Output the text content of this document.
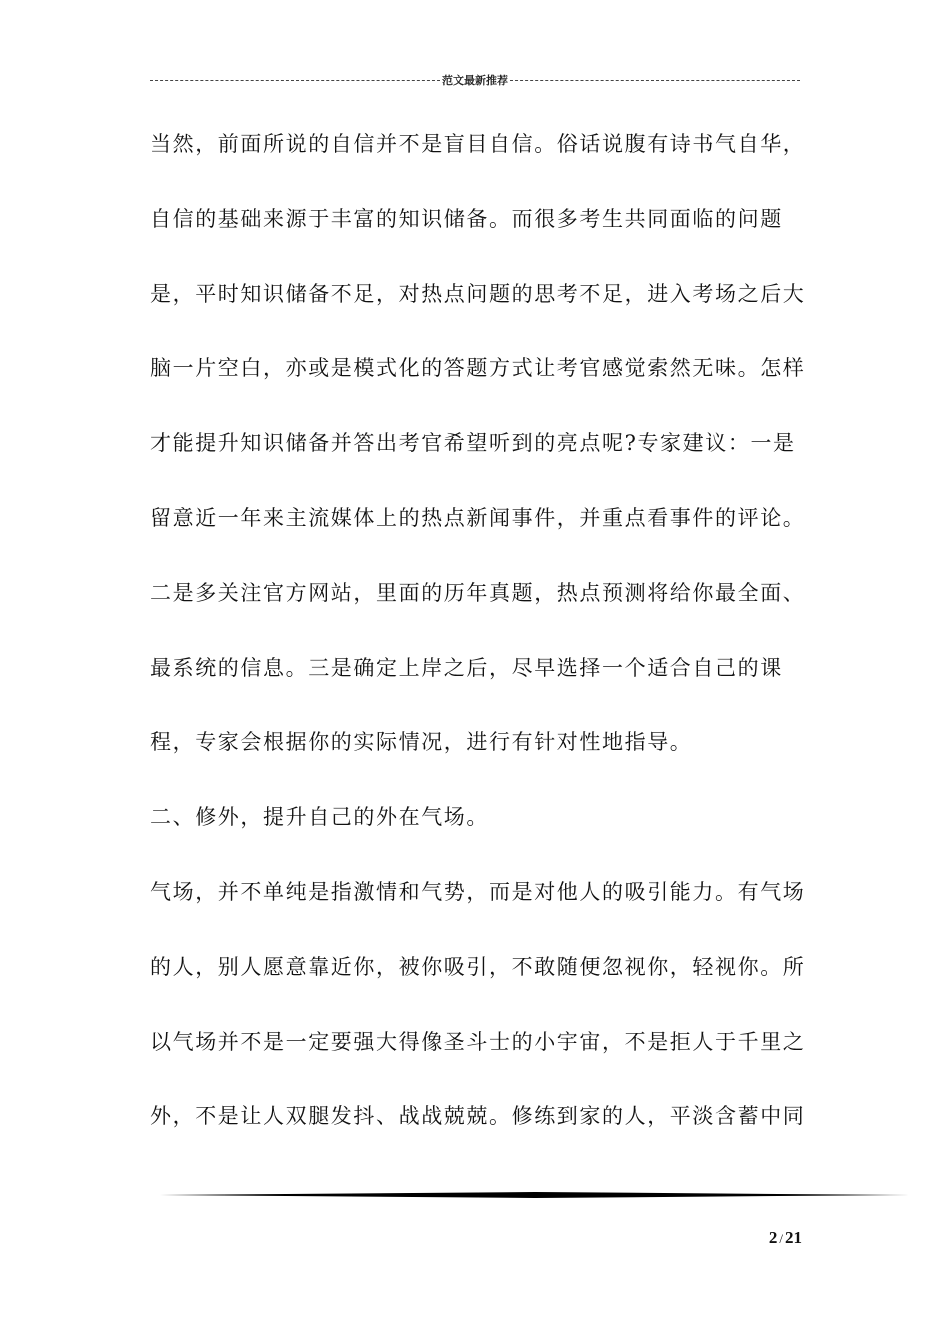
范文最新推荐
当然，前面所说的自信并不是盲目自信。俗话说腹有诗书气自华，
自信的基础来源于丰富的知识储备。而很多考生共同面临的问题
是，平时知识储备不足，对热点问题的思考不足，进入考场之后大
脑一片空白，亦或是模式化的答题方式让考官感觉索然无味。怎样
才能提升知识储备并答出考官希望听到的亮点呢?专家建议：一是
留意近一年来主流媒体上的热点新闻事件，并重点看事件的评论。
二是多关注官方网站，里面的历年真题，热点预测将给你最全面、
最系统的信息。三是确定上岸之后，尽早选择一个适合自己的课
程，专家会根据你的实际情况，进行有针对性地指导。
二、修外，提升自己的外在气场。
气场，并不单纯是指激情和气势，而是对他人的吸引能力。有气场
的人，别人愿意靠近你，被你吸引，不敢随便忽视你，轻视你。所
以气场并不是一定要强大得像圣斗士的小宇宙，不是拒人于千里之
外，不是让人双腿发抖、战战兢兢。修练到家的人，平淡含蓄中同
2 / 21
